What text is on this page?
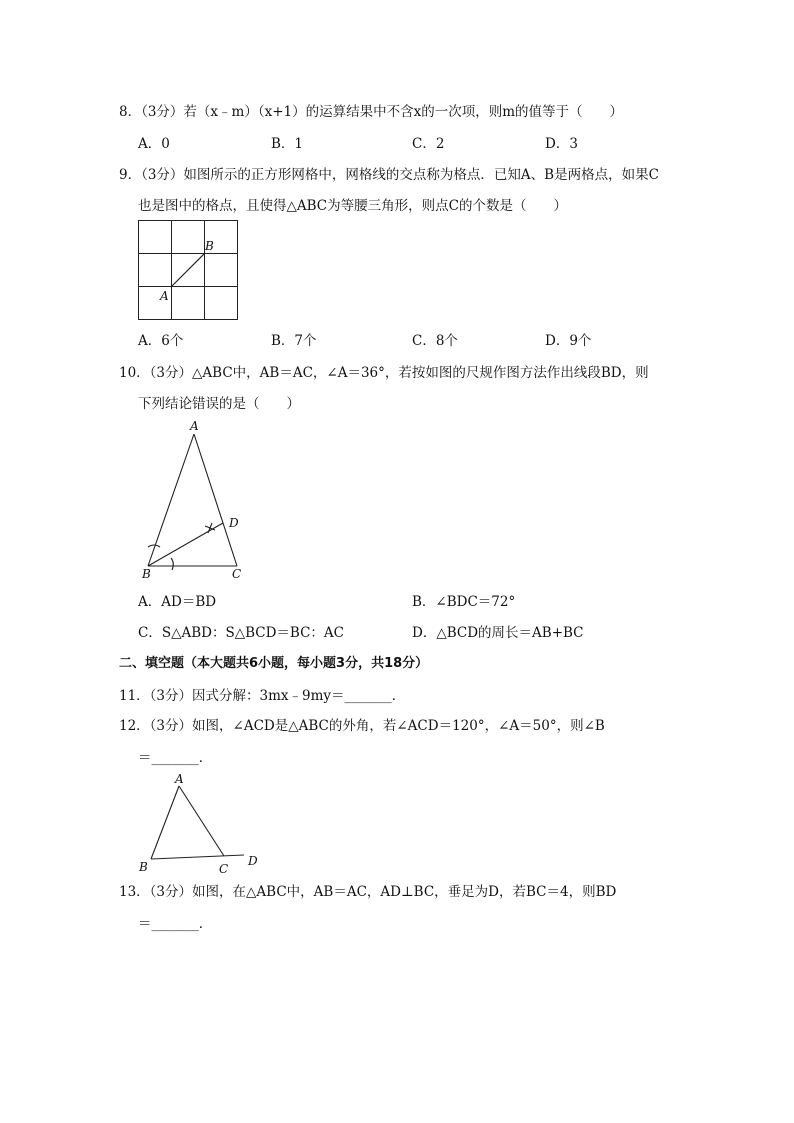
8．（3分）若（x﹣m）（x+1）的运算结果中不含x的一次项，则m的值等于（　　）
A．0	B．1	C．2	D．3
9．（3分）如图所示的正方形网格中，网格线的交点称为格点．已知A、B是两格点，如果C
也是图中的格点，且使得△ABC为等腰三角形，则点C的个数是（　　）
B
A
A．6个	B．7个	C．8个	D．9个
10．（3分）△ABC中，AB＝AC，∠A＝36°，若按如图的尺规作图方法作出线段BD，则
下列结论错误的是（　　）
A
B	C
D
A．AD＝BD	B．∠BDC＝72°
C．S△ABD：S△BCD＝BC：AC	D．△BCD的周长＝AB+BC
二、填空题（本大题共6小题，每小题3分，共18分）
11．（3分）因式分解：3mx﹣9my＝_______．
12．（3分）如图，∠ACD是△ABC的外角，若∠ACD＝120°，∠A＝50°，则∠B
＝_______．
A
B	C
D
13．（3分）如图，在△ABC中，AB＝AC，AD⊥BC，垂足为D，若BC＝4，则BD
＝_______．
